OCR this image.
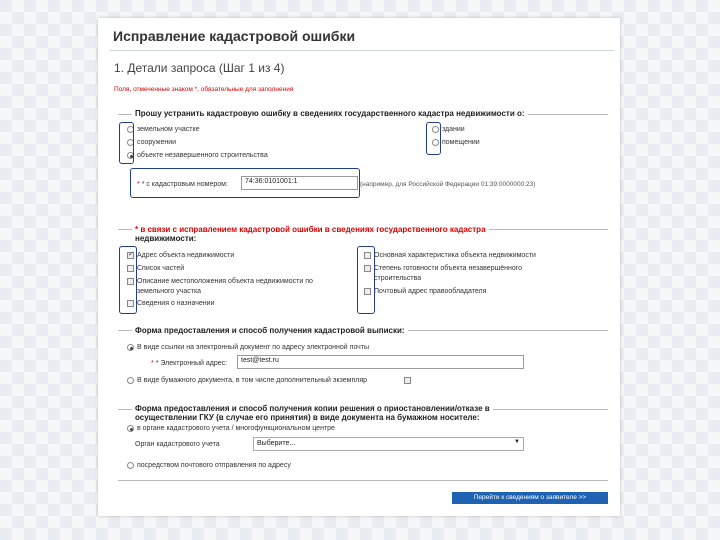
Исправление кадастровой ошибки
1. Детали запроса (Шаг 1 из 4)
Поля, отмеченные знаком *, обязательные для заполнения
Прошу устранить кадастровую ошибку в сведениях государственного кадастра недвижимости о:
земельном участке
сооружении
объекте незавершенного строительства
здании
помещении
* * с кадастровым номером:	74:36:0101001:1	(например, для Российской Федерации 01:39:0000000:23)
* в связи с исправлением кадастровой ошибки в сведениях государственного кадастра
недвижимости:
✓
Адрес объекта недвижимости
Список частей
Описание местоположения объекта недвижимости по
земельного участка
Сведения о назначении
Основная характеристика объекта недвижимости
Степень готовности объекта незавершённого
строительства
Почтовый адрес правообладателя
Форма предоставления и способ получения кадастровой выписки:
В виде ссылки на электронный документ по адресу электронной почты
* * Электронный адрес:	test@test.ru
В виде бумажного документа, в том числе дополнительный экземпляр
Форма предоставления и способ получения копии решения о приостановлении/отказе в
осуществлении ГКУ (в случае его принятия) в виде документа на бумажном носителе:
в органе кадастрового учета / многофункциональном центре
Орган кадастрового учета	Выберите...	▼
посредством почтового отправления по адресу
Перейти к сведениям о заявителе >>
